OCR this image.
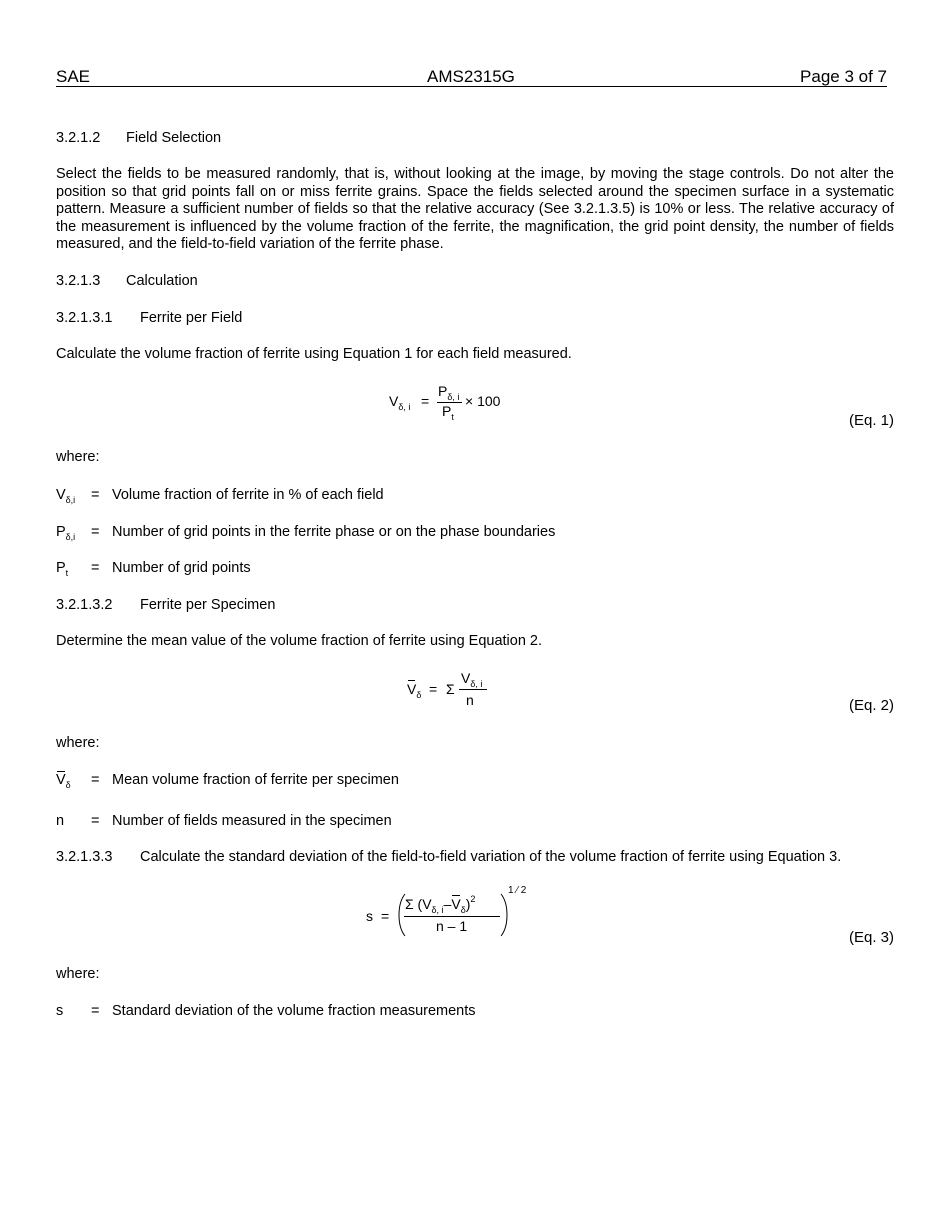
SAE	AMS2315G	Page 3 of 7
3.2.1.2 Field Selection
Select the fields to be measured randomly, that is, without looking at the image, by moving the stage controls. Do not alter the position so that grid points fall on or miss ferrite grains. Space the fields selected around the specimen surface in a systematic pattern. Measure a sufficient number of fields so that the relative accuracy (See 3.2.1.3.5) is 10% or less. The relative accuracy of the measurement is influenced by the volume fraction of the ferrite, the magnification, the grid point density, the number of fields measured, and the field-to-field variation of the ferrite phase.
3.2.1.3 Calculation
3.2.1.3.1 Ferrite per Field
Calculate the volume fraction of ferrite using Equation 1 for each field measured.
$V_{\delta, i}$ =
$P_{\delta, i}$
$P_t$
× 100
(Eq. 1)
where:
$V_{\delta,i}$ = Volume fraction of ferrite in % of each field
$P_{\delta,i}$ = Number of grid points in the ferrite phase or on the phase boundaries
$P_t$ = Number of grid points
3.2.1.3.2 Ferrite per Specimen
Determine the mean value of the volume fraction of ferrite using Equation 2.
$V_\delta = \Sigma$
$V_{\delta, i}$
n	(Eq. 2)
where:
$V_\delta$ = Mean volume fraction of ferrite per specimen
n = Number of fields measured in the specimen
3.2.1.3.3 Calculate the standard deviation of the field-to-field variation of the volume fraction of ferrite using Equation 3.
s =
Σ $(V_{\delta, i}-V_\delta)^2$
n – 1
1 ⁄ 2
(Eq. 3)
where:
s = Standard deviation of the volume fraction measurements
